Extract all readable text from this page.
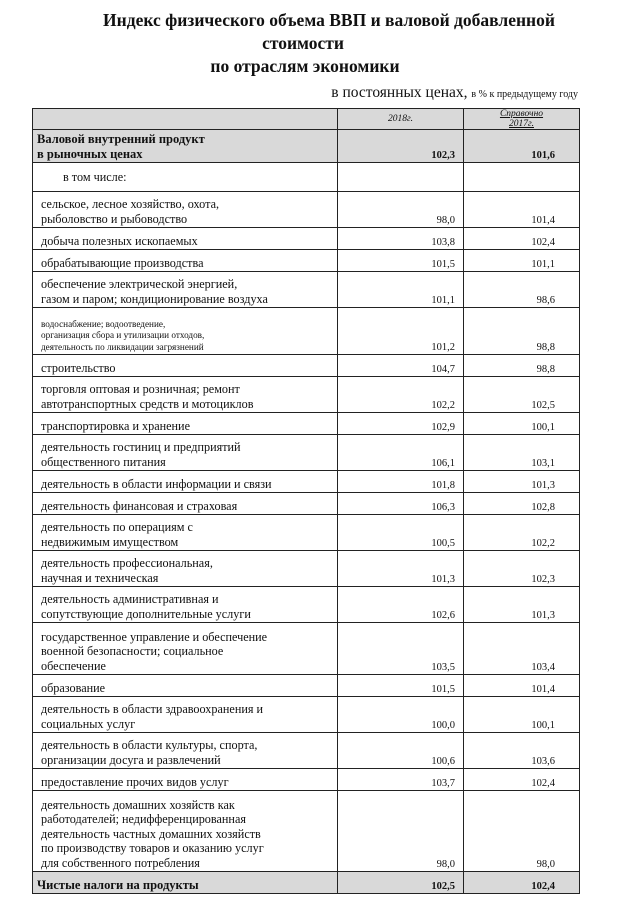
Индекс физического объема ВВП и валовой добавленной
стоимости
по отраслям экономики
в постоянных ценах, в % к предыдущему году
	2018г.	Справочно
2017г.

Валовой внутренний продукт
в рыночных ценах	102,3	101,6

в том числе:		

сельское, лесное хозяйство, охота,
рыболовство и рыбоводство	98,0	101,4

добыча полезных ископаемых	103,8	102,4

обрабатывающие производства	101,5	101,1

обеспечение электрической энергией,
газом и паром; кондиционирование воздуха	101,1	98,6

водоснабжение; водоотведение,
организация сбора и утилизации отходов,
деятельность по ликвидации загрязнений	101,2	98,8

строительство	104,7	98,8

торговля оптовая и розничная; ремонт
автотранспортных средств и мотоциклов	102,2	102,5

транспортировка и хранение	102,9	100,1

деятельность гостиниц и предприятий
общественного питания	106,1	103,1

деятельность в области информации и связи	101,8	101,3

деятельность финансовая и страховая	106,3	102,8

деятельность по операциям с
недвижимым имуществом	100,5	102,2

деятельность профессиональная,
научная и техническая	101,3	102,3

деятельность административная и
сопутствующие дополнительные услуги	102,6	101,3

государственное управление и обеспечение
военной безопасности; социальное
обеспечение	103,5	103,4

образование	101,5	101,4

деятельность в области здравоохранения и
социальных услуг	100,0	100,1

деятельность в области культуры, спорта,
организации досуга и развлечений	100,6	103,6

предоставление прочих видов услуг	103,7	102,4

деятельность домашних хозяйств как
работодателей; недифференцированная
деятельность частных домашних хозяйств
по производству товаров и оказанию услуг
для собственного потребления	98,0	98,0

Чистые налоги на продукты	102,5	102,4
